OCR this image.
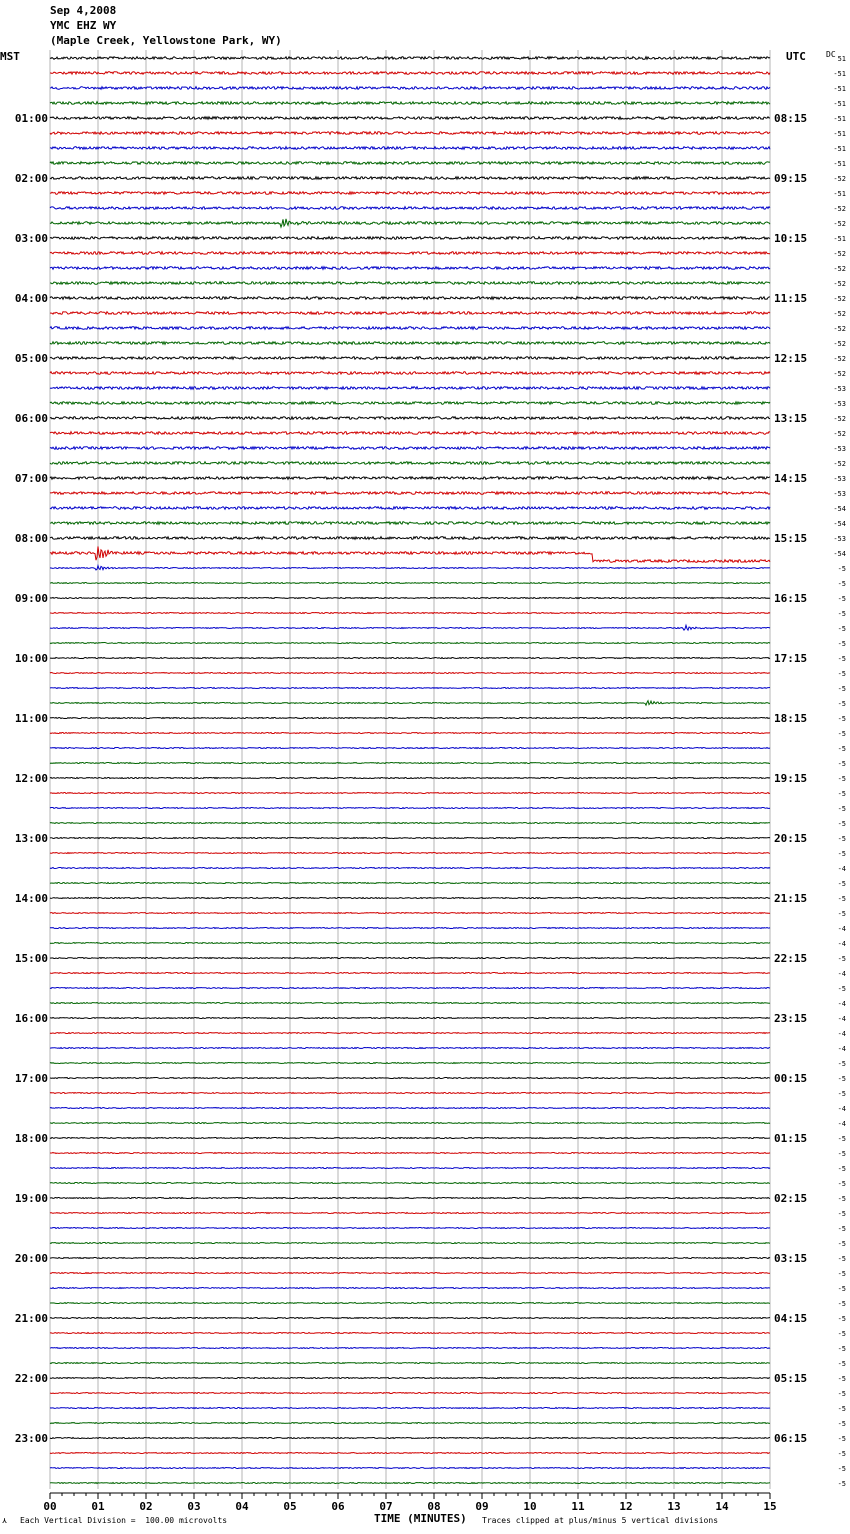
Sep 4,2008
YMC EHZ WY
(Maple Creek, Yellowstone Park, WY)
MST	UTC	DC 51
-51
-51
-51
-51
-51
-51
-51
-52
-51
-52
-52
-51
-52
-52
-52
-52
-52
-52
-52
-52
-52
-53
-53
-52
-52
-53
-52
-53
-53
-54
-54
-53
-54
-5
-5
-5
-5
-5
-5
-5
-5
-5
-5
-5
-5
-5
-5
-5
-5
-5
-5
-5
-5
-4
-5
-5
-5
-4
-4
-5
-4
-5
-4
-4
-4
-4
-5
-5
-5
-4
-4
-5
-5
-5
-5
-5
-5
-5
-5
-5
-5
-5
-5
-5
-5
-5
-5
-5
-5
-5
-5
-5
-5
-5
-5
01:00	08:15
02:00	09:15
03:00	10:15
04:00	11:15
05:00	12:15
06:00	13:15
07:00	14:15
08:00	15:15
09:00	16:15
10:00	17:15
11:00	18:15
12:00	19:15
13:00	20:15
14:00	21:15
15:00	22:15
16:00	23:15
17:00	00:15
18:00	01:15
19:00	02:15
20:00	03:15
21:00	04:15
22:00	05:15
23:00	06:15
00	01	02	03	04	05	06	07	08	09	10	11	12	13	14	15
⋏ Each Vertical Division =  100.00 microvolts	TIME (MINUTES) Traces clipped at plus/minus 5 vertical divisions
